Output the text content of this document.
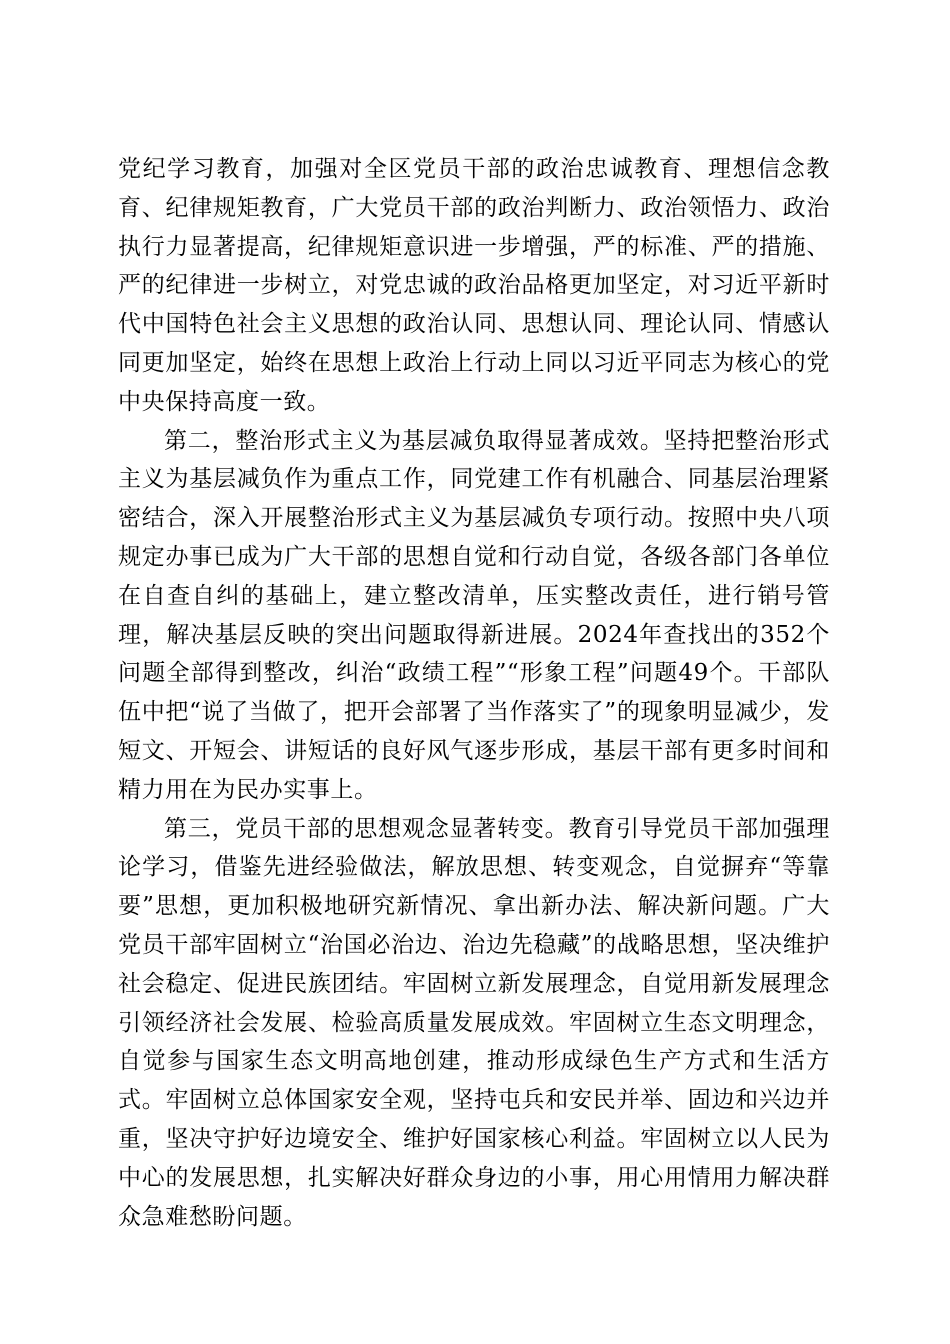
党纪学习教育，加强对全区党员干部的政治忠诚教育、理想信念教育、纪律规矩教育，广大党员干部的政治判断力、政治领悟力、政治执行力显著提高，纪律规矩意识进一步增强，严的标准、严的措施、严的纪律进一步树立，对党忠诚的政治品格更加坚定，对习近平新时代中国特色社会主义思想的政治认同、思想认同、理论认同、情感认同更加坚定，始终在思想上政治上行动上同以习近平同志为核心的党中央保持高度一致。

第二，整治形式主义为基层减负取得显著成效。坚持把整治形式主义为基层减负作为重点工作，同党建工作有机融合、同基层治理紧密结合，深入开展整治形式主义为基层减负专项行动。按照中央八项规定办事已成为广大干部的思想自觉和行动自觉，各级各部门各单位在自查自纠的基础上，建立整改清单，压实整改责任，进行销号管理，解决基层反映的突出问题取得新进展。2024年查找出的352个问题全部得到整改，纠治“政绩工程”“形象工程”问题49个。干部队伍中把“说了当做了，把开会部署了当作落实了”的现象明显减少，发短文、开短会、讲短话的良好风气逐步形成，基层干部有更多时间和精力用在为民办实事上。

第三，党员干部的思想观念显著转变。教育引导党员干部加强理论学习，借鉴先进经验做法，解放思想、转变观念，自觉摒弃“等靠要”思想，更加积极地研究新情况、拿出新办法、解决新问题。广大党员干部牢固树立“治国必治边、治边先稳藏”的战略思想，坚决维护社会稳定、促进民族团结。牢固树立新发展理念，自觉用新发展理念引领经济社会发展、检验高质量发展成效。牢固树立生态文明理念，自觉参与国家生态文明高地创建，推动形成绿色生产方式和生活方式。牢固树立总体国家安全观，坚持屯兵和安民并举、固边和兴边并重，坚决守护好边境安全、维护好国家核心利益。牢固树立以人民为中心的发展思想，扎实解决好群众身边的小事，用心用情用力解决群众急难愁盼问题。
